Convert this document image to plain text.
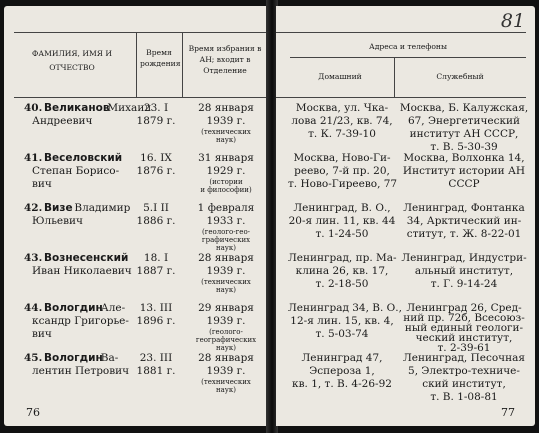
ФАМИЛИЯ, ИМЯ И ОТЧЕСТВО
Время рождения
Время избрания в АН; входит в Отделение
40. Великанов
Михаил
Андреевич
23. I
1879 г.
28 января
1939 г.
(технических
наук)
41. Веселовский
Степан Борисо-
вич
16. IX
1876 г.
31 января
1929 г.
(истории
и философии)
42. Визе Владимир
Юльевич
5.I II
1886 г.
1 февраля
1933 г.
(геолого-гео-
графических
наук)
43. Вознесенский
Иван Николаевич
18. I
1887 г.
28 января
1939 г.
(технических
наук)
44. Вологдин
Але-
ксандр Григорье-
вич
13. III
1896 г.
29 января
1939 г.
(геолого-
географических
наук)
45. Вологдин
Ва-
лентин Петрович
23. III
1881 г.
28 января
1939 г.
(технических
наук)
76
81
Адреса и телефоны
Домашний	Служебный
Москва, ул. Чка-
лова 21/23, кв. 74,
т. К. 7-39-10
Москва, Б. Калужская,
67, Энергетический
институт АН СССР,
т. В. 5-30-39
Москва, Ново-Ги-
реево, 7-й пр. 20,
т. Ново-Гиреево, 77
Москва, Волхонка 14,
Институт истории АН
СССР
Ленинград, В. О.,
20-я лин. 11, кв. 44
т. 1-24-50
Ленинград, Фонтанка
34, Арктический ин-
ститут, т. Ж. 8-22-01
Ленинград, пр. Ма-
клина 26, кв. 17,
т. 2-18-50
Ленинград, Индустри-
альный институт,
т. Г. 9-14-24
Ленинград 34, В. О.,
12-я лин. 15, кв. 4,
т. 5-03-74
Ленинград 26, Сред-
ний пр. 72б, Всесоюз-
ный единый геологи-
ческий институт,
т. 2-39-61
Ленинград 47,
Эспероза 1,
кв. 1, т. В. 4-26-92
Ленинград, Песочная
5, Электро-техниче-
ский институт,
т. В. 1-08-81
77
